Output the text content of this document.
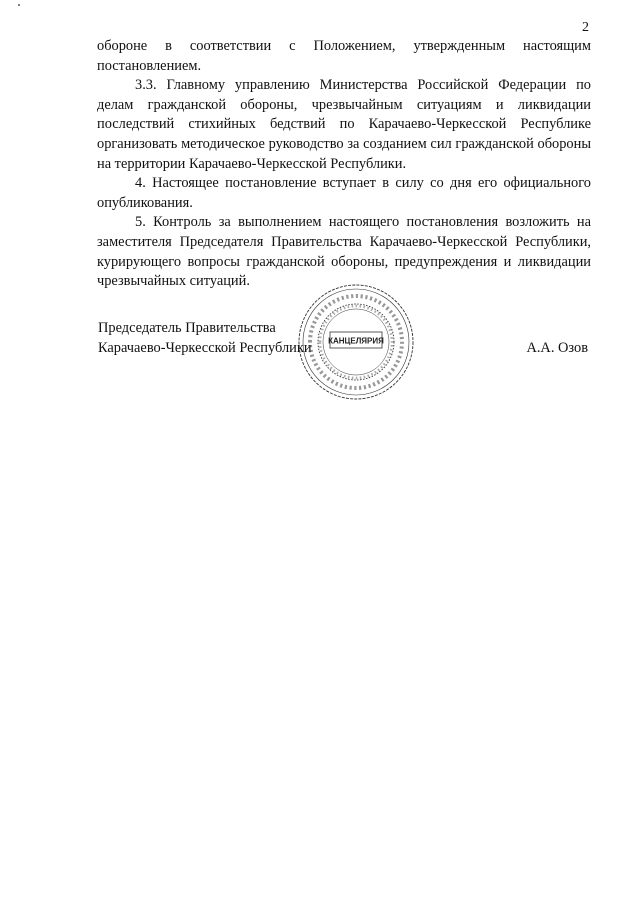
2

обороне в соответствии с Положением, утвержденным настоящим постановлением.

3.3. Главному управлению Министерства Российской Федерации по делам гражданской обороны, чрезвычайным ситуациям и ликвидации последствий стихийных бедствий по Карачаево-Черкесской Республике организовать методическое руководство за созданием сил гражданской обороны на территории Карачаево-Черкесской Республики.

4. Настоящее постановление вступает в силу со дня его официального опубликования.

5. Контроль за выполнением настоящего постановления возложить на заместителя Председателя Правительства Карачаево-Черкесской Республики, курирующего вопросы гражданской обороны, предупреждения и ликвидации чрезвычайных ситуаций.

Председатель Правительства
Карачаево-Черкесской Республики	А.А. Озов
КАНЦЕЛЯРИЯ
